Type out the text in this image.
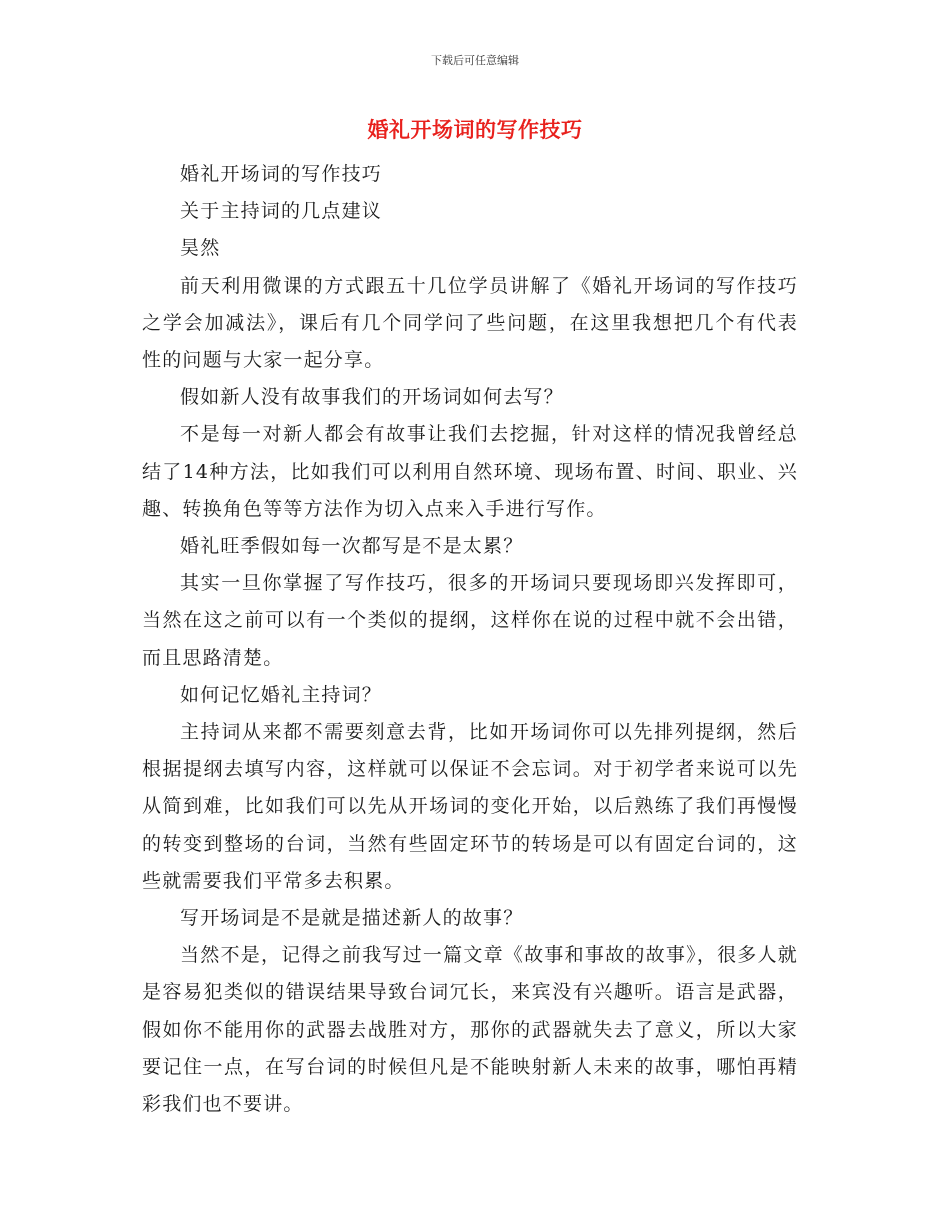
下载后可任意编辑
婚礼开场词的写作技巧

婚礼开场词的写作技巧

关于主持词的几点建议

昊然

前天利用微课的方式跟五十几位学员讲解了《婚礼开场词的写作技巧之学会加减法》，课后有几个同学问了些问题，在这里我想把几个有代表性的问题与大家一起分享。

假如新人没有故事我们的开场词如何去写？

不是每一对新人都会有故事让我们去挖掘，针对这样的情况我曾经总结了14种方法，比如我们可以利用自然环境、现场布置、时间、职业、兴趣、转换角色等等方法作为切入点来入手进行写作。

婚礼旺季假如每一次都写是不是太累？

其实一旦你掌握了写作技巧，很多的开场词只要现场即兴发挥即可，当然在这之前可以有一个类似的提纲，这样你在说的过程中就不会出错，而且思路清楚。

如何记忆婚礼主持词？

主持词从来都不需要刻意去背，比如开场词你可以先排列提纲，然后根据提纲去填写内容，这样就可以保证不会忘词。对于初学者来说可以先从简到难，比如我们可以先从开场词的变化开始，以后熟练了我们再慢慢的转变到整场的台词，当然有些固定环节的转场是可以有固定台词的，这些就需要我们平常多去积累。

写开场词是不是就是描述新人的故事？

当然不是，记得之前我写过一篇文章《故事和事故的故事》，很多人就是容易犯类似的错误结果导致台词冗长，来宾没有兴趣听。语言是武器，假如你不能用你的武器去战胜对方，那你的武器就失去了意义，所以大家要记住一点，在写台词的时候但凡是不能映射新人未来的故事，哪怕再精彩我们也不要讲。
